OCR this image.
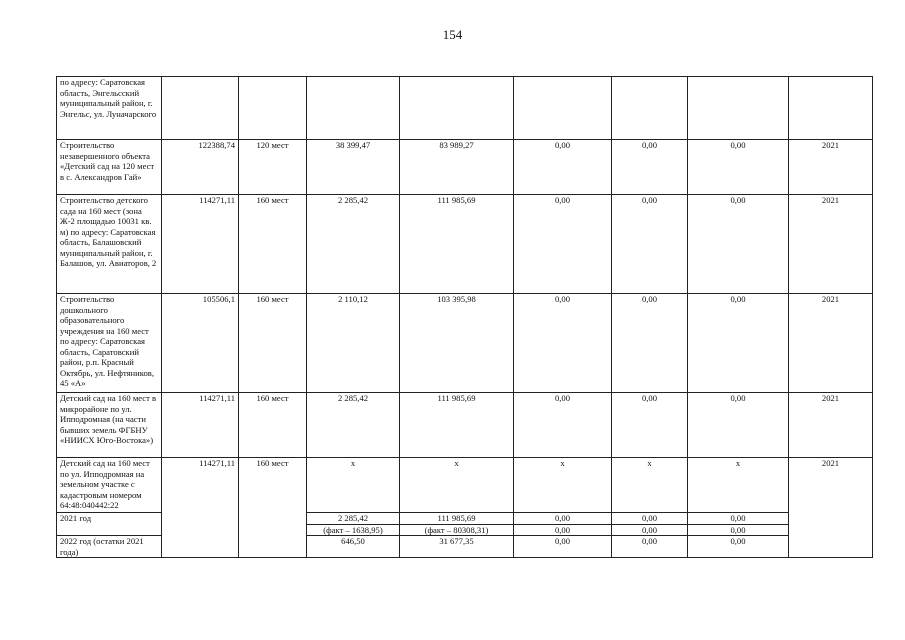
154
по адресу: Саратовская область, Энгельсский муниципальный район, г. Энгельс, ул. Луначарского								
Строительство незавершенного объекта «Детский сад на 120 мест в с. Александров Гай»	122388,74	120 мест	38 399,47	83 989,27	0,00	0,00	0,00	2021
Строительство детского сада на 160 мест (зона Ж-2 площадью 10031 кв. м) по адресу: Саратовская область, Балашовский муниципальный район, г. Балашов, ул. Авиаторов, 2	114271,11	160 мест	2 285,42	111 985,69	0,00	0,00	0,00	2021
Строительство дошкольного образовательного учреждения на 160 мест по адресу: Саратовская область, Саратовский район, р.п. Красный Октябрь, ул. Нефтяников, 45 «А»	105506,1	160 мест	2 110,12	103 395,98	0,00	0,00	0,00	2021
Детский сад на 160 мест в микрорайоне по ул. Ипподромная (на части бывших земель ФГБНУ «НИИСХ Юго-Востока»)	114271,11	160 мест	2 285,42	111 985,69	0,00	0,00	0,00	2021
Детский сад на 160 мест по ул. Ипподромная на земельном участке с кадастровым номером 64:48:040442:22	114271,11	160 мест	х	х	х	х	х	2021
2021 год			2 285,42	111 985,69	0,00	0,00	0,00	
			(факт – 1638,95)	(факт – 80308,31)	0,00	0,00	0,00	
2022 год (остатки 2021 года)			646,50	31 677,35	0,00	0,00	0,00	
